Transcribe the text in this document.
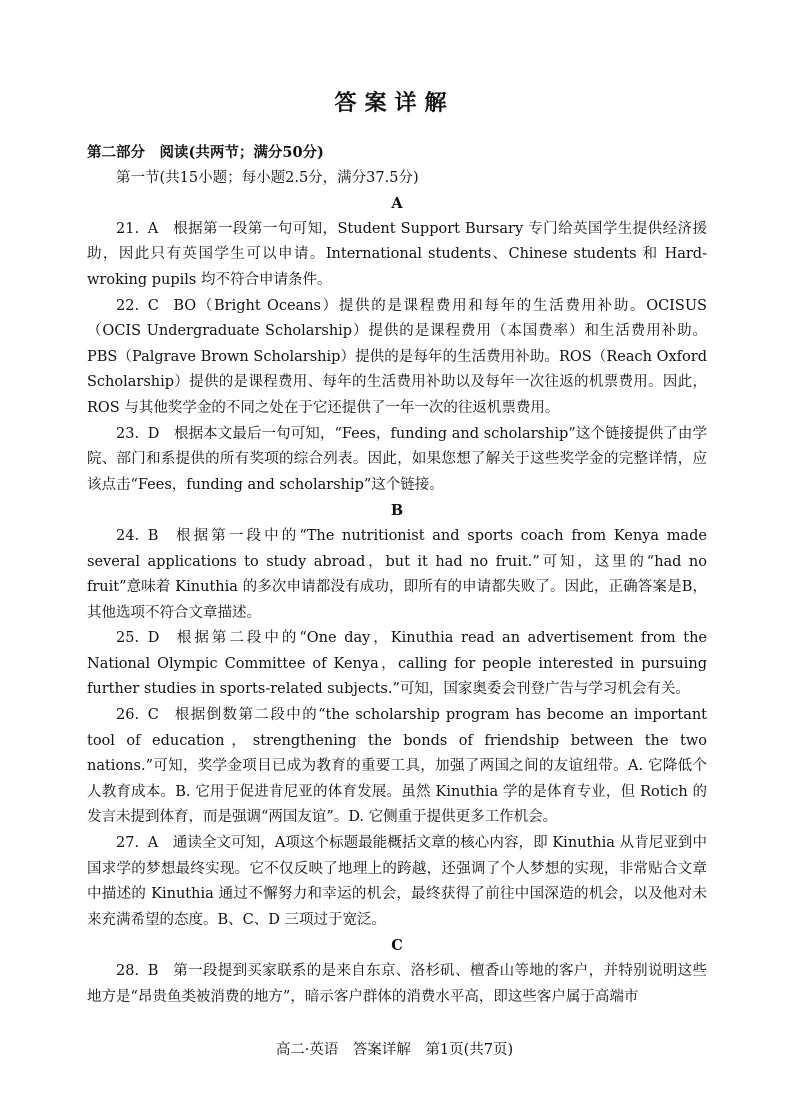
答案详解

第二部分　阅读(共两节；满分50分)

第一节(共15小题；每小题2.5分，满分37.5分)

A

21. A 根据第一段第一句可知，Student Support Bursary 专门给英国学生提供经济援助，因此只有英国学生可以申请。International students、Chinese students 和 Hard-wroking pupils 均不符合申请条件。

22. C BO（Bright Oceans）提供的是课程费用和每年的生活费用补助。OCISUS（OCIS Undergraduate Scholarship）提供的是课程费用（本国费率）和生活费用补助。PBS（Palgrave Brown Scholarship）提供的是每年的生活费用补助。ROS（Reach Oxford Scholarship）提供的是课程费用、每年的生活费用补助以及每年一次往返的机票费用。因此，ROS 与其他奖学金的不同之处在于它还提供了一年一次的往返机票费用。

23. D 根据本文最后一句可知，“Fees，funding and scholarship”这个链接提供了由学院、部门和系提供的所有奖项的综合列表。因此，如果您想了解关于这些奖学金的完整详情，应该点击“Fees，funding and scholarship”这个链接。

B

24. B 根据第一段中的“The nutritionist and sports coach from Kenya made several applications to study abroad，but it had no fruit.”可知，这里的“had no fruit”意味着 Kinuthia 的多次申请都没有成功，即所有的申请都失败了。因此，正确答案是B，其他选项不符合文章描述。

25. D 根据第二段中的“One day，Kinuthia read an advertisement from the National Olympic Committee of Kenya，calling for people interested in pursuing further studies in sports-related subjects.”可知，国家奥委会刊登广告与学习机会有关。

26. C 根据倒数第二段中的“the scholarship program has become an important tool of education，strengthening the bonds of friendship between the two nations.”可知，奖学金项目已成为教育的重要工具，加强了两国之间的友谊纽带。A. 它降低个人教育成本。B. 它用于促进肯尼亚的体育发展。虽然 Kinuthia 学的是体育专业，但 Rotich 的发言未提到体育，而是强调“两国友谊”。D. 它侧重于提供更多工作机会。

27. A 通读全文可知，A项这个标题最能概括文章的核心内容，即 Kinuthia 从肯尼亚到中国求学的梦想最终实现。它不仅反映了地理上的跨越，还强调了个人梦想的实现，非常贴合文章中描述的 Kinuthia 通过不懈努力和幸运的机会，最终获得了前往中国深造的机会，以及他对未来充满希望的态度。B、C、D 三项过于宽泛。

C

28. B 第一段提到买家联系的是来自东京、洛杉矶、檀香山等地的客户，并特别说明这些地方是“昂贵鱼类被消费的地方”，暗示客户群体的消费水平高，即这些客户属于高端市

高二·英语　答案详解　第1页(共7页)
